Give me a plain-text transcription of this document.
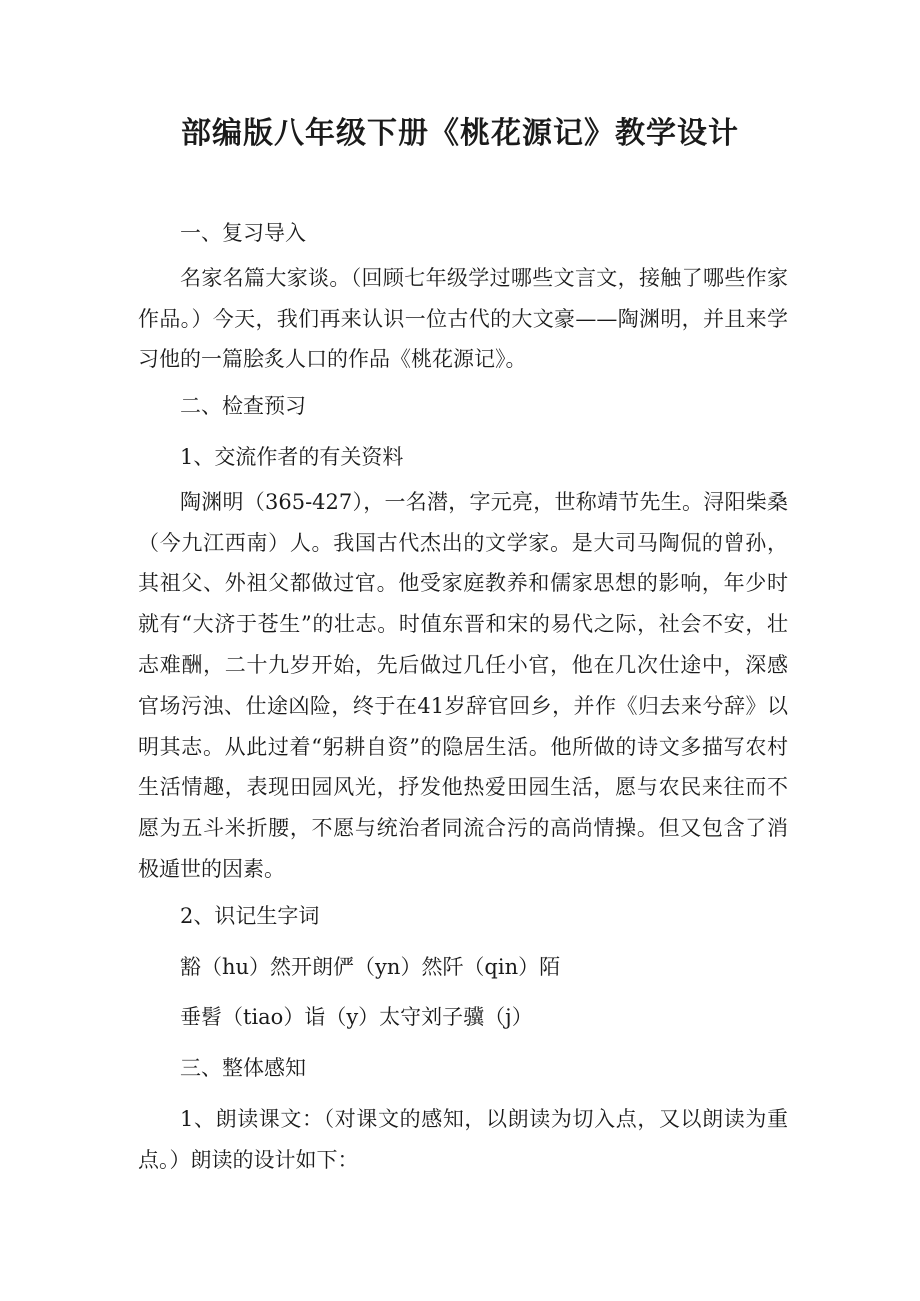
部编版八年级下册《桃花源记》教学设计

一、复习导入

名家名篇大家谈。（回顾七年级学过哪些文言文，接触了哪些作家作品。）今天，我们再来认识一位古代的大文豪——陶渊明，并且来学习他的一篇脍炙人口的作品《桃花源记》。

二、检查预习

1、交流作者的有关资料

陶渊明（365-427），一名潜，字元亮，世称靖节先生。浔阳柴桑（今九江西南）人。我国古代杰出的文学家。是大司马陶侃的曾孙，其祖父、外祖父都做过官。他受家庭教养和儒家思想的影响，年少时就有“大济于苍生”的壮志。时值东晋和宋的易代之际，社会不安，壮志难酬，二十九岁开始，先后做过几任小官，他在几次仕途中，深感官场污浊、仕途凶险，终于在41岁辞官回乡，并作《归去来兮辞》以明其志。从此过着“躬耕自资”的隐居生活。他所做的诗文多描写农村生活情趣，表现田园风光，抒发他热爱田园生活，愿与农民来往而不愿为五斗米折腰，不愿与统治者同流合污的高尚情操。但又包含了消极遁世的因素。

2、识记生字词

豁（hu）然开朗俨（yn）然阡（qin）陌

垂髫（tiao）诣（y）太守刘子骥（j）

三、整体感知

1、朗读课文：（对课文的感知，以朗读为切入点，又以朗读为重点。）朗读的设计如下：
